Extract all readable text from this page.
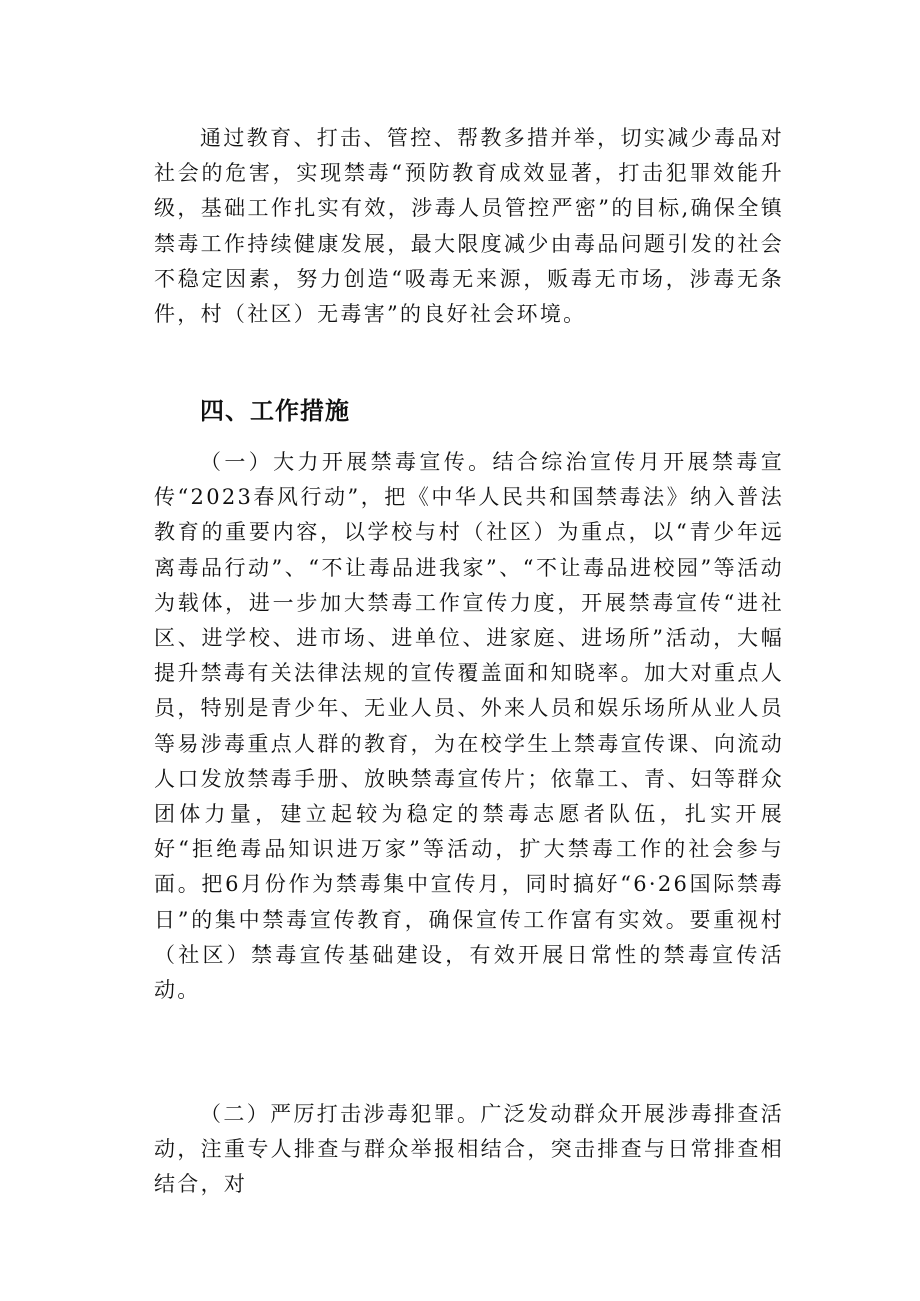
通过教育、打击、管控、帮教多措并举，切实减少毒品对社会的危害，实现禁毒“预防教育成效显著，打击犯罪效能升级，基础工作扎实有效，涉毒人员管控严密”的目标,确保全镇禁毒工作持续健康发展，最大限度减少由毒品问题引发的社会不稳定因素，努力创造“吸毒无来源，贩毒无市场，涉毒无条件，村（社区）无毒害”的良好社会环境。

四、工作措施

（一）大力开展禁毒宣传。结合综治宣传月开展禁毒宣传“2023春风行动”，把《中华人民共和国禁毒法》纳入普法教育的重要内容，以学校与村（社区）为重点，以“青少年远离毒品行动”、“不让毒品进我家”、“不让毒品进校园”等活动为载体，进一步加大禁毒工作宣传力度，开展禁毒宣传“进社区、进学校、进市场、进单位、进家庭、进场所”活动，大幅提升禁毒有关法律法规的宣传覆盖面和知晓率。加大对重点人员，特别是青少年、无业人员、外来人员和娱乐场所从业人员等易涉毒重点人群的教育，为在校学生上禁毒宣传课、向流动人口发放禁毒手册、放映禁毒宣传片；依靠工、青、妇等群众团体力量，建立起较为稳定的禁毒志愿者队伍，扎实开展好“拒绝毒品知识进万家”等活动，扩大禁毒工作的社会参与面。把6月份作为禁毒集中宣传月，同时搞好“6·26国际禁毒日”的集中禁毒宣传教育，确保宣传工作富有实效。要重视村（社区）禁毒宣传基础建设，有效开展日常性的禁毒宣传活动。

（二）严厉打击涉毒犯罪。广泛发动群众开展涉毒排查活动，注重专人排查与群众举报相结合，突击排查与日常排查相结合，对
